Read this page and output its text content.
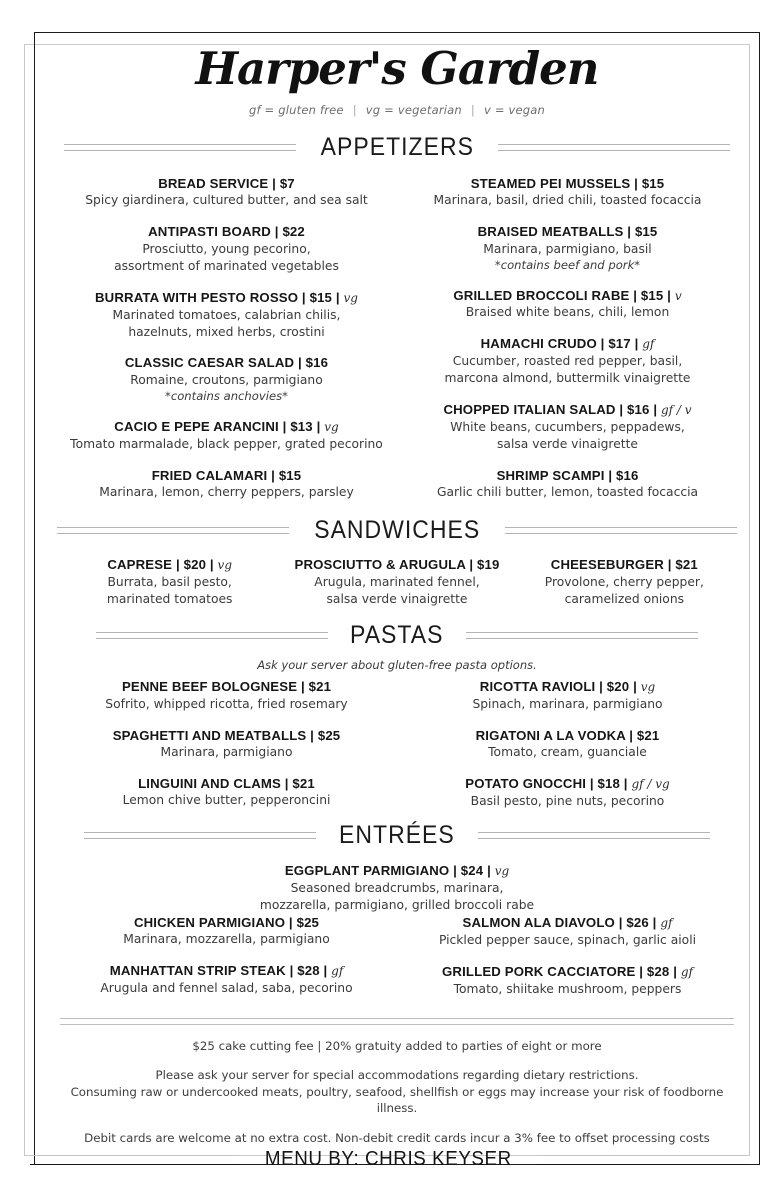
Harper's Garden
gf = gluten free | vg = vegetarian | v = vegan
APPETIZERS
BREAD SERVICE | $7
Spicy giardinera, cultured butter, and sea salt
ANTIPASTI BOARD | $22
Prosciutto, young pecorino,
assortment of marinated vegetables
BURRATA WITH PESTO ROSSO | $15 | vg
Marinated tomatoes, calabrian chilis,
hazelnuts, mixed herbs, crostini
CLASSIC CAESAR SALAD | $16
Romaine, croutons, parmigiano
*contains anchovies*
CACIO E PEPE ARANCINI | $13 | vg
Tomato marmalade, black pepper, grated pecorino
FRIED CALAMARI | $15
Marinara, lemon, cherry peppers, parsley
STEAMED PEI MUSSELS | $15
Marinara, basil, dried chili, toasted focaccia
BRAISED MEATBALLS | $15
Marinara, parmigiano, basil
*contains beef and pork*
GRILLED BROCCOLI RABE | $15 | v
Braised white beans, chili, lemon
HAMACHI CRUDO | $17 | gf
Cucumber, roasted red pepper, basil,
marcona almond, buttermilk vinaigrette
CHOPPED ITALIAN SALAD | $16 | gf / v
White beans, cucumbers, peppadews,
salsa verde vinaigrette
SHRIMP SCAMPI | $16
Garlic chili butter, lemon, toasted focaccia
SANDWICHES
CAPRESE | $20 | vg
Burrata, basil pesto,
marinated tomatoes
PROSCIUTTO & ARUGULA | $19
Arugula, marinated fennel,
salsa verde vinaigrette
CHEESEBURGER | $21
Provolone, cherry pepper,
caramelized onions
PASTAS
Ask your server about gluten-free pasta options.
PENNE BEEF BOLOGNESE | $21
Sofrito, whipped ricotta, fried rosemary
SPAGHETTI AND MEATBALLS | $25
Marinara, parmigiano
LINGUINI AND CLAMS | $21
Lemon chive butter, pepperoncini
RICOTTA RAVIOLI | $20 | vg
Spinach, marinara, parmigiano
RIGATONI A LA VODKA | $21
Tomato, cream, guanciale
POTATO GNOCCHI | $18 | gf / vg
Basil pesto, pine nuts, pecorino
ENTRÉES
EGGPLANT PARMIGIANO | $24 | vg
Seasoned breadcrumbs, marinara,
mozzarella, parmigiano, grilled broccoli rabe
CHICKEN PARMIGIANO | $25
Marinara, mozzarella, parmigiano
MANHATTAN STRIP STEAK | $28 | gf
Arugula and fennel salad, saba, pecorino
SALMON ALA DIAVOLO | $26 | gf
Pickled pepper sauce, spinach, garlic aioli
GRILLED PORK CACCIATORE | $28 | gf
Tomato, shiitake mushroom, peppers
$25 cake cutting fee | 20% gratuity added to parties of eight or more
Please ask your server for special accommodations regarding dietary restrictions.
Consuming raw or undercooked meats, poultry, seafood, shellfish or eggs may increase your risk of foodborne illness.
Debit cards are welcome at no extra cost. Non-debit credit cards incur a 3% fee to offset processing costs
MENU BY: CHRIS KEYSER
